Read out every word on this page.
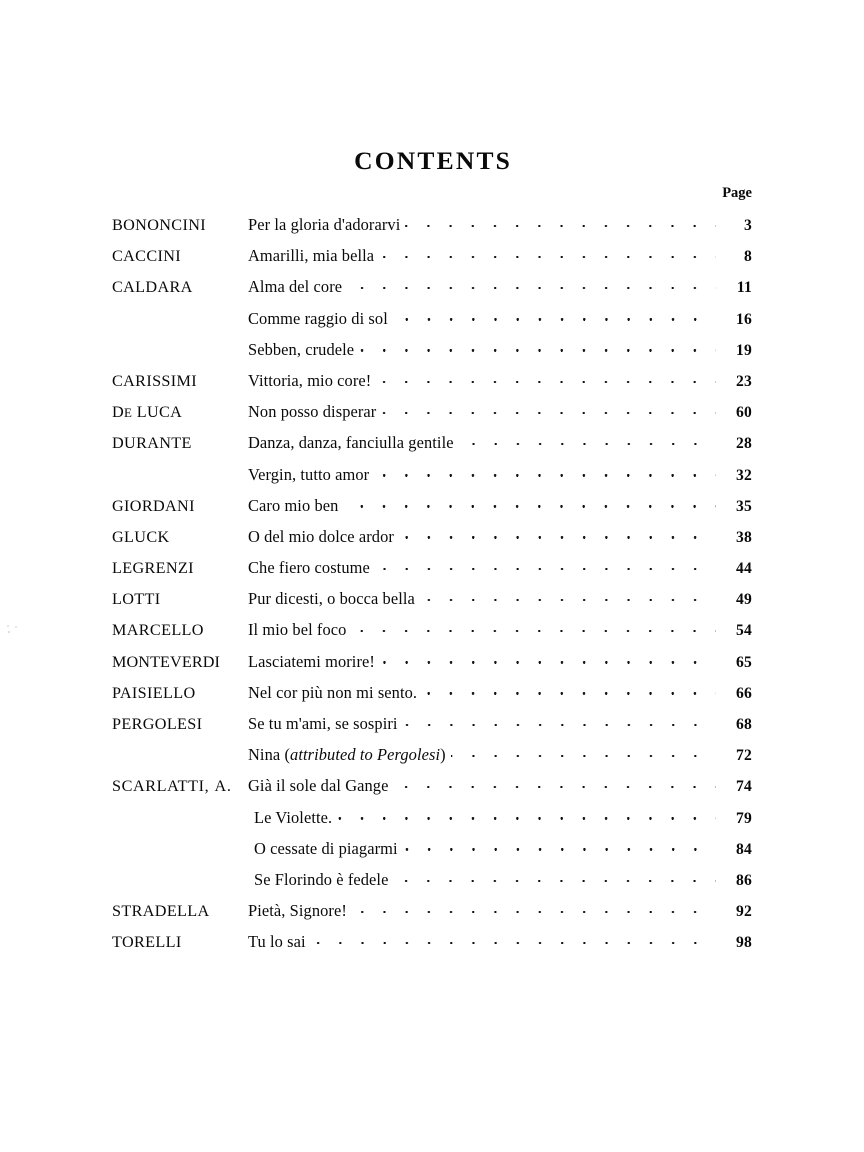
CONTENTS
Page
BONONCINI	Per la gloria d'adorarvi	3
CACCINI	Amarilli, mia bella	8
CALDARA	Alma del core	11
Comme raggio di sol	16
Sebben, crudele	19
CARISSIMI	Vittoria, mio core!	23
DE LUCA	Non posso disperar	60
DURANTE	Danza, danza, fanciulla gentile	28
Vergin, tutto amor	32
GIORDANI	Caro mio ben	35
GLUCK	O del mio dolce ardor	38
LEGRENZI	Che fiero costume	44
LOTTI	Pur dicesti, o bocca bella	49
MARCELLO	Il mio bel foco	54
MONTEVERDI	Lasciatemi morire!	65
PAISIELLO	Nel cor più non mi sento.	66
PERGOLESI	Se tu m'ami, se sospiri	68
Nina (attributed to Pergolesi)	72
SCARLATTI, A.	Già il sole dal Gange	74
Le Violette.	79
O cessate di piagarmi	84
Se Florindo è fedele	86
STRADELLA	Pietà, Signore!	92
TORELLI	Tu lo sai	98
